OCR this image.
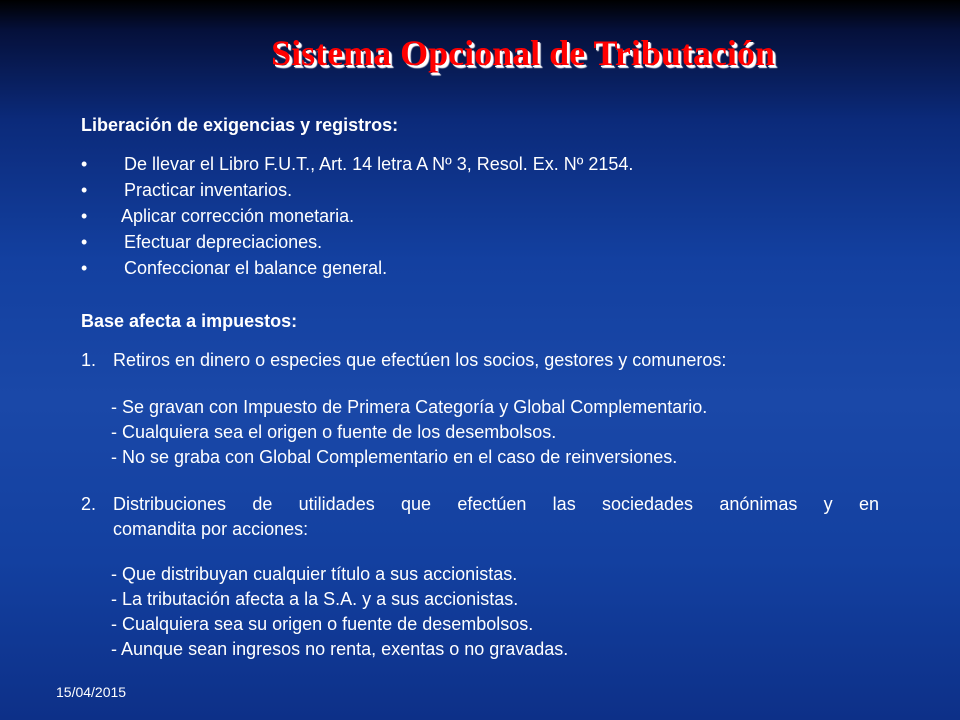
Sistema Opcional de Tributación
Liberación de exigencias y registros:
• De llevar el Libro F.U.T., Art. 14 letra A Nº 3, Resol. Ex. Nº 2154.
• Practicar inventarios.
• Aplicar corrección monetaria.
• Efectuar depreciaciones.
• Confeccionar el balance general.
Base afecta a impuestos:
1. Retiros en dinero o especies que efectúen los socios, gestores y comuneros:
- Se gravan con Impuesto de Primera Categoría y Global Complementario.
- Cualquiera sea el origen o fuente de los desembolsos.
- No se graba con Global Complementario en el caso de reinversiones.
2. Distribuciones de utilidades que efectúen las sociedades anónimas y en
comandita por acciones:
- Que distribuyan cualquier título a sus accionistas.
- La tributación afecta a la S.A. y a sus accionistas.
- Cualquiera sea su origen o fuente de desembolsos.
- Aunque sean ingresos no renta, exentas o no gravadas.
15/04/2015
